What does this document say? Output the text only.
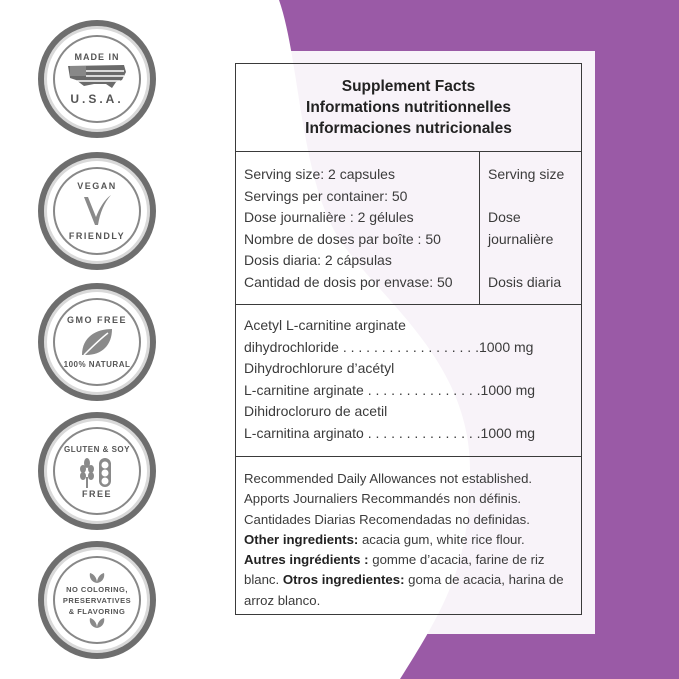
MADE IN
U.S.A.
VEGAN
FRIENDLY
GMO FREE
100% NATURAL
GLUTEN & SOY
FREE
NO COLORING,
PRESERVATIVES
& FLAVORING
Supplement Facts
Informations nutritionnelles
Informaciones nutricionales
Serving size: 2 capsules
Servings per container: 50
Dose journalière : 2 gélules
Nombre de doses par boîte : 50
Dosis diaria: 2 cápsulas
Cantidad de dosis por envase: 50
Serving size

Dose
journalière

Dosis diaria
Acetyl L-carnitine arginate
dihydrochloride . . . . . . . . . . . . . . . . . .1000 mg
Dihydrochlorure d’acétyl
L-carnitine arginate . . . . . . . . . . . . . . .1000 mg
Dihidrocloruro de acetil
L-carnitina arginato . . . . . . . . . . . . . . .1000 mg
Recommended Daily Allowances not established.
Apports Journaliers Recommandés non définis.
Cantidades Diarias Recomendadas no definidas.
Other ingredients: acacia gum, white rice flour.
Autres ingrédients : gomme d’acacia, farine de riz blanc. Otros ingredientes: goma de acacia, harina de arroz blanco.
